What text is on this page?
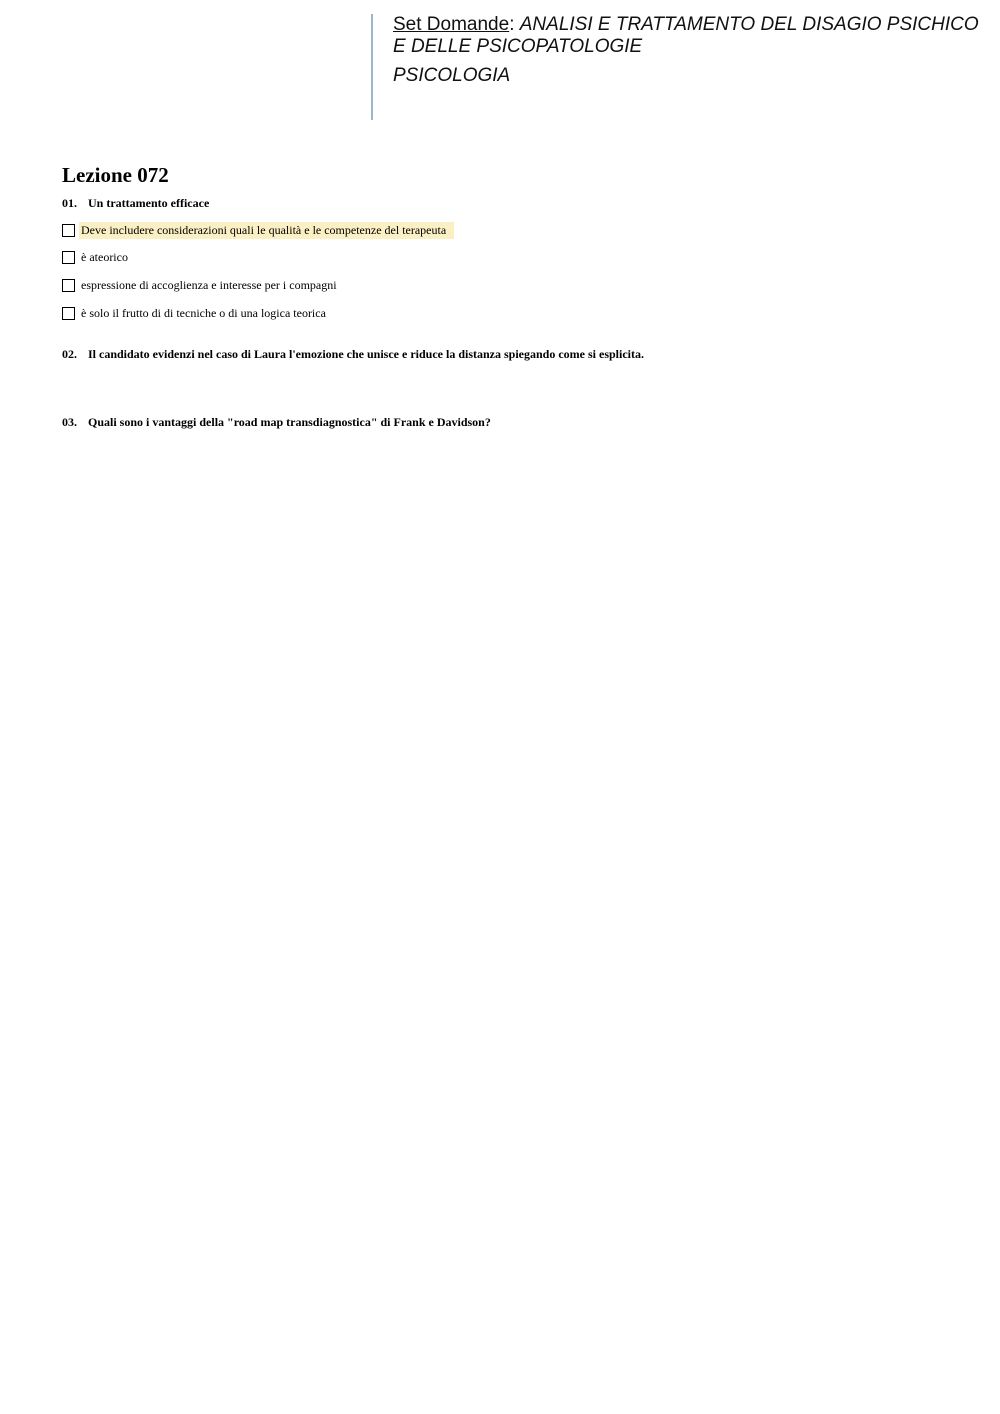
Set Domande: ANALISI E TRATTAMENTO DEL DISAGIO PSICHICO E DELLE PSICOPATOLOGIE
PSICOLOGIA
Lezione 072
01. Un trattamento efficace
Deve includere considerazioni quali le qualità e le competenze del terapeuta
è ateorico
espressione di accoglienza e interesse per i compagni
è solo il frutto di di tecniche o di una logica teorica
02. Il candidato evidenzi nel caso di Laura l'emozione che unisce e riduce la distanza spiegando come si esplicita.
03. Quali sono i vantaggi della "road map transdiagnostica" di Frank e Davidson?
